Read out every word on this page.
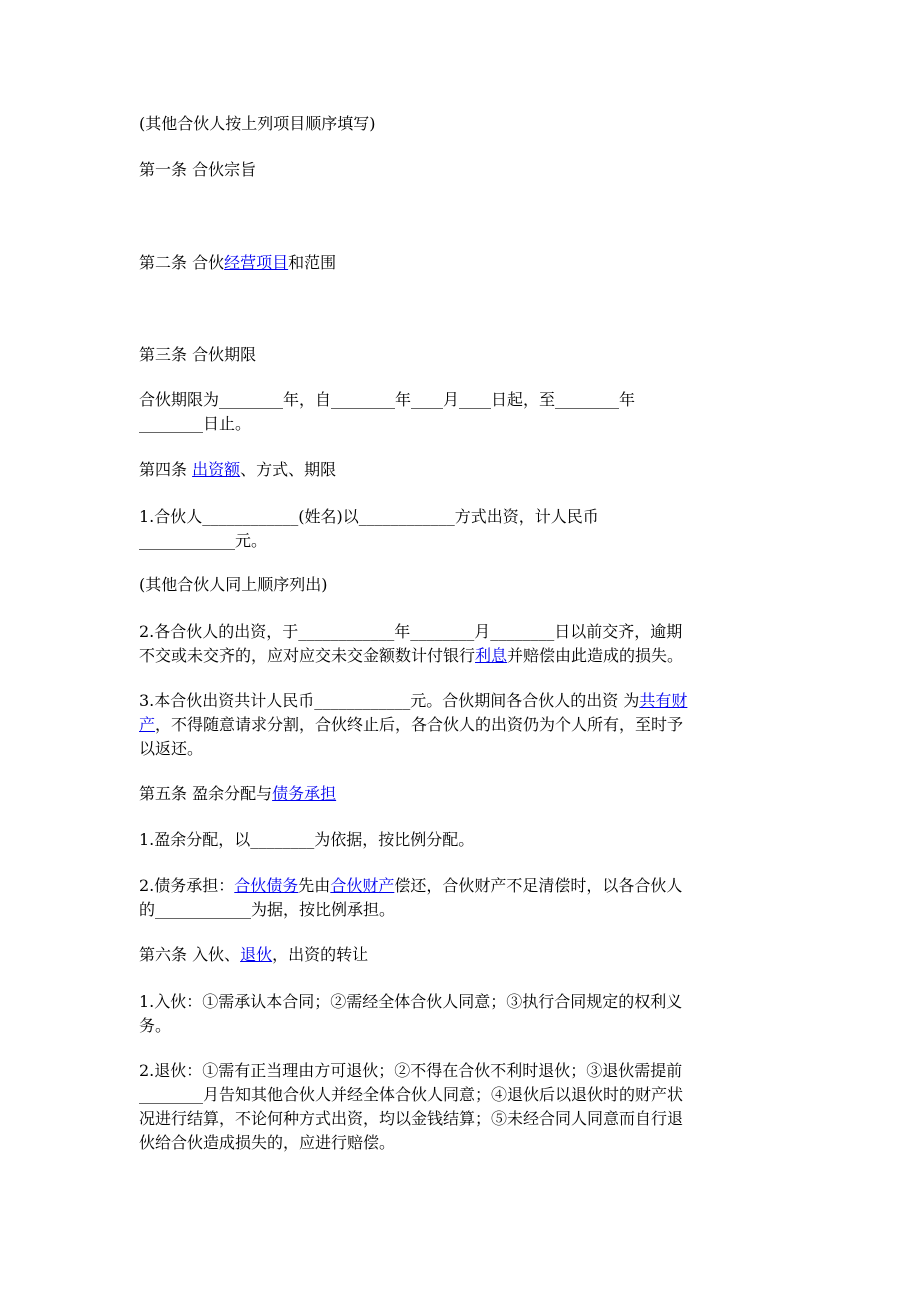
(其他合伙人按上列项目顺序填写)
第一条 合伙宗旨
第二条 合伙经营项目和范围
第三条 合伙期限
合伙期限为________年，自________年____月____日起，至________年
________日止。
第四条 出资额、方式、期限
1.合伙人____________(姓名)以____________方式出资，计人民币
____________元。
(其他合伙人同上顺序列出)
2.各合伙人的出资，于____________年________月________日以前交齐，逾期
不交或未交齐的，应对应交未交金额数计付银行利息并赔偿由此造成的损失。
3.本合伙出资共计人民币____________元。合伙期间各合伙人的出资 为共有财
产，不得随意请求分割，合伙终止后，各合伙人的出资仍为个人所有，至时予
以返还。
第五条 盈余分配与债务承担
1.盈余分配，以________为依据，按比例分配。
2.债务承担：合伙债务先由合伙财产偿还，合伙财产不足清偿时，以各合伙人
的____________为据，按比例承担。
第六条 入伙、退伙，出资的转让
1.入伙：①需承认本合同；②需经全体合伙人同意；③执行合同规定的权利义
务。
2.退伙：①需有正当理由方可退伙；②不得在合伙不利时退伙；③退伙需提前
________月告知其他合伙人并经全体合伙人同意；④退伙后以退伙时的财产状
况进行结算，不论何种方式出资，均以金钱结算；⑤未经合同人同意而自行退
伙给合伙造成损失的，应进行赔偿。
